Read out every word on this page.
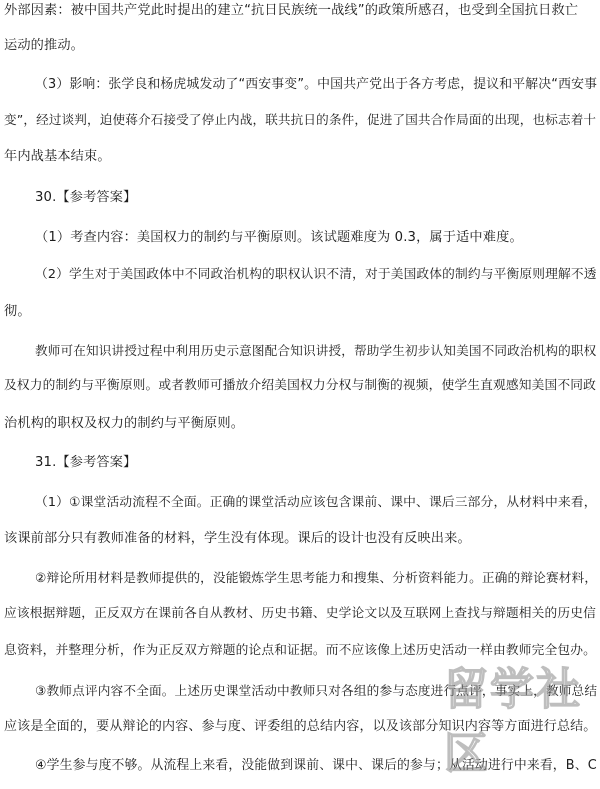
外部因素：被中国共产党此时提出的建立“抗日民族统一战线”的政策所感召，也受到全国抗日救亡
运动的推动。
（3）影响：张学良和杨虎城发动了“西安事变”。中国共产党出于各方考虑，提议和平解决“西安事
变”，经过谈判，迫使蒋介石接受了停止内战，联共抗日的条件，促进了国共合作局面的出现，也标志着十
年内战基本结束。
30.【参考答案】
（1）考查内容：美国权力的制约与平衡原则。该试题难度为 0.3，属于适中难度。
（2）学生对于美国政体中不同政治机构的职权认识不清，对于美国政体的制约与平衡原则理解不透
彻。
教师可在知识讲授过程中利用历史示意图配合知识讲授，帮助学生初步认知美国不同政治机构的职权
及权力的制约与平衡原则。或者教师可播放介绍美国权力分权与制衡的视频，使学生直观感知美国不同政
治机构的职权及权力的制约与平衡原则。
31.【参考答案】
（1）①课堂活动流程不全面。正确的课堂活动应该包含课前、课中、课后三部分，从材料中来看，
该课前部分只有教师准备的材料，学生没有体现。课后的设计也没有反映出来。
②辩论所用材料是教师提供的，没能锻炼学生思考能力和搜集、分析资料能力。正确的辩论赛材料，
应该根据辩题，正反双方在课前各自从教材、历史书籍、史学论文以及互联网上查找与辩题相关的历史信
息资料，并整理分析，作为正反双方辩题的论点和证据。而不应该像上述历史活动一样由教师完全包办。
③教师点评内容不全面。上述历史课堂活动中教师只对各组的参与态度进行点评，事实上，教师总结
应该是全面的，要从辩论的内容、参与度、评委组的总结内容，以及该部分知识内容等方面进行总结。
④学生参与度不够。从流程上来看，没能做到课前、课中、课后的参与；从活动进行中来看，B、C
留学社区
